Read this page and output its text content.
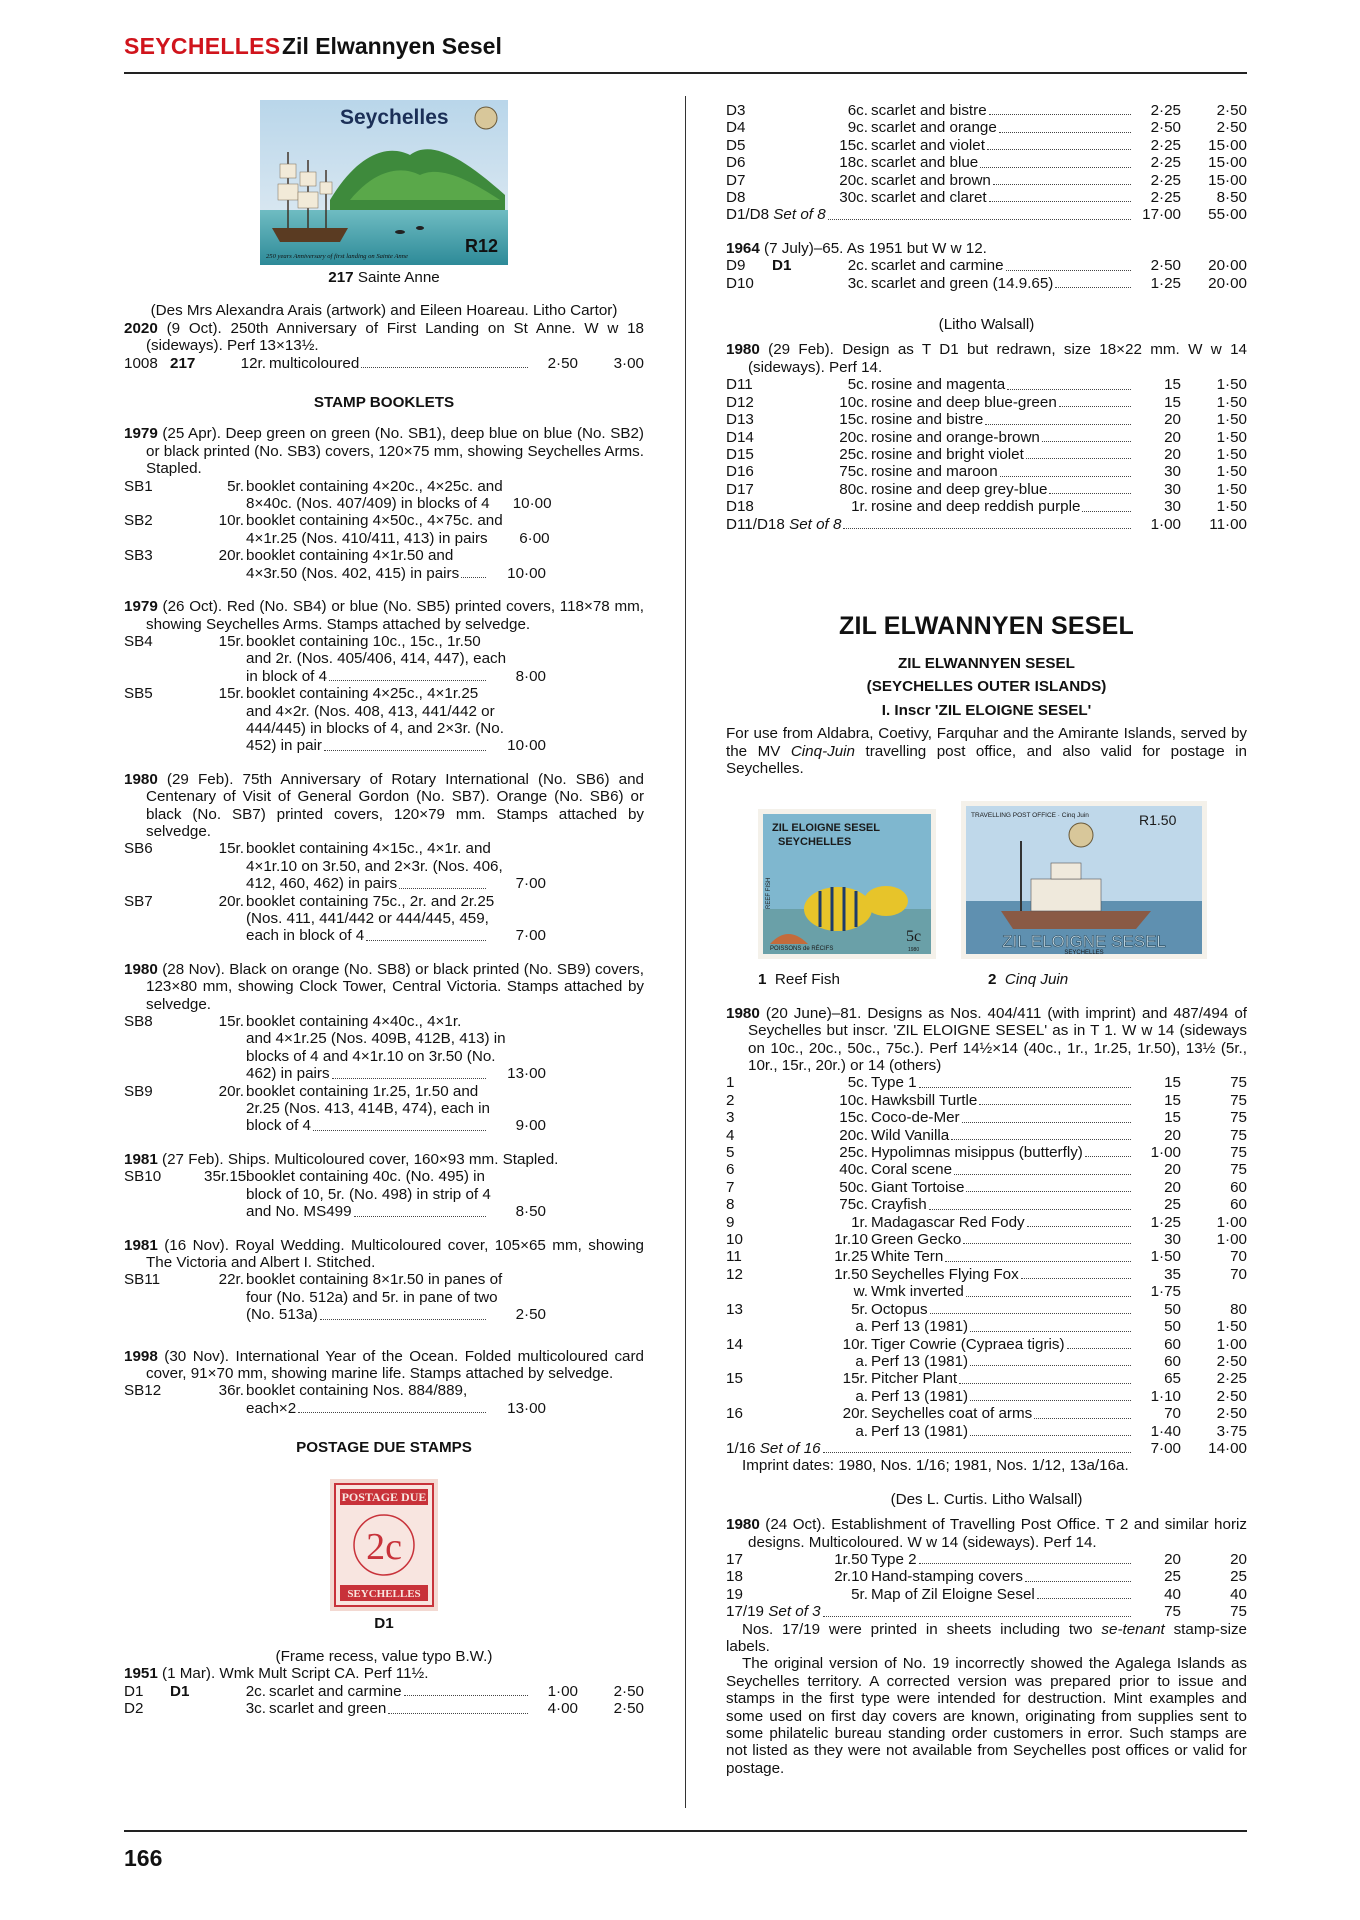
SEYCHELLES Zil Elwannyen Sesel
Seychelles
R12
250 years Anniversary of first landing on Sainte Anne

217 Sainte Anne

(Des Mrs Alexandra Arais (artwork) and Eileen Hoareau. Litho Cartor)

2020 (9 Oct). 250th Anniversary of First Landing on St Anne. W w 18 (sideways). Perf 13×13½.

1008 217	12r. multicoloured	2·50	3·00

STAMP BOOKLETS

1979 (25 Apr). Deep green on green (No. SB1), deep blue on blue (No. SB2) or black printed (No. SB3) covers, 120×75 mm, showing Seychelles Arms. Stapled.

SB1	5r. booklet containing 4×20c., 4×25c. and
8×40c. (Nos. 407/409) in blocks of 4	10·00
SB2	10r. booklet containing 4×50c., 4×75c. and
4×1r.25 (Nos. 410/411, 413) in pairs	6·00
SB3	20r. booklet containing 4×1r.50 and
4×3r.50 (Nos. 402, 415) in pairs	10·00

1979 (26 Oct). Red (No. SB4) or blue (No. SB5) printed covers, 118×78 mm, showing Seychelles Arms. Stamps attached by selvedge.

SB4	15r. booklet containing 10c., 15c., 1r.50
and 2r. (Nos. 405/406, 414, 447), each
in block of 4	8·00
SB5	15r. booklet containing 4×25c., 4×1r.25
and 4×2r. (Nos. 408, 413, 441/442 or
444/445) in blocks of 4, and 2×3r. (No.
452) in pair	10·00

1980 (29 Feb). 75th Anniversary of Rotary International (No. SB6) and Centenary of Visit of General Gordon (No. SB7). Orange (No. SB6) or black (No. SB7) printed covers, 120×79 mm. Stamps attached by selvedge.

SB6	15r. booklet containing 4×15c., 4×1r. and
4×1r.10 on 3r.50, and 2×3r. (Nos. 406,
412, 460, 462) in pairs	7·00
SB7	20r. booklet containing 75c., 2r. and 2r.25
(Nos. 411, 441/442 or 444/445, 459,
each in block of 4	7·00

1980 (28 Nov). Black on orange (No. SB8) or black printed (No. SB9) covers, 123×80 mm, showing Clock Tower, Central Victoria. Stamps attached by selvedge.

SB8	15r. booklet containing 4×40c., 4×1r.
and 4×1r.25 (Nos. 409B, 412B, 413) in
blocks of 4 and 4×1r.10 on 3r.50 (No.
462) in pairs	13·00
SB9	20r. booklet containing 1r.25, 1r.50 and
2r.25 (Nos. 413, 414B, 474), each in
block of 4	9·00

1981 (27 Feb). Ships. Multicoloured cover, 160×93 mm. Stapled.

SB10	35r.15 booklet containing 40c. (No. 495) in
block of 10, 5r. (No. 498) in strip of 4
and No. MS499	8·50

1981 (16 Nov). Royal Wedding. Multicoloured cover, 105×65 mm, showing The Victoria and Albert I. Stitched.

SB11	22r. booklet containing 8×1r.50 in panes of
four (No. 512a) and 5r. in pane of two
(No. 513a)	2·50

1998 (30 Nov). International Year of the Ocean. Folded multicoloured card cover, 91×70 mm, showing marine life. Stamps attached by selvedge.

SB12	36r. booklet containing Nos. 884/889,
each×2	13·00

POSTAGE DUE STAMPS

POSTAGE DUE
2c
SEYCHELLES

D1

(Frame recess, value typo B.W.)

1951 (1 Mar). Wmk Mult Script CA. Perf 11½.

D1	D1	2c. scarlet and carmine	1·00	2·50
D2	3c. scarlet and green	4·00	2·50
D3	6c. scarlet and bistre	2·25	2·50
D4	9c. scarlet and orange	2·50	2·50
D5	15c. scarlet and violet	2·25	15·00
D6	18c. scarlet and blue	2·25	15·00
D7	20c. scarlet and brown	2·25	15·00
D8	30c. scarlet and claret	2·25	8·50
D1/D8 Set of 8	17·00	55·00

1964 (7 July)–65. As 1951 but W w 12.

D9	D1	2c. scarlet and carmine	2·50	20·00
D10	3c. scarlet and green (14.9.65)	1·25	20·00

(Litho Walsall)

1980 (29 Feb). Design as T D1 but redrawn, size 18×22 mm. W w 14 (sideways). Perf 14.

D11	5c. rosine and magenta	15	1·50
D12	10c. rosine and deep blue-green	15	1·50
D13	15c. rosine and bistre	20	1·50
D14	20c. rosine and orange-brown	20	1·50
D15	25c. rosine and bright violet	20	1·50
D16	75c. rosine and maroon	30	1·50
D17	80c. rosine and deep grey-blue	30	1·50
D18	1r. rosine and deep reddish purple	30	1·50
D11/D18 Set of 8	1·00	11·00

ZIL ELWANNYEN SESEL

ZIL ELWANNYEN SESEL

(SEYCHELLES OUTER ISLANDS)

I. Inscr 'ZIL ELOIGNE SESEL'

For use from Aldabra, Coetivy, Farquhar and the Amirante Islands, served by the MV Cinq-Juin travelling post office, and also valid for postage in Seychelles.

ZIL ELOIGNE SESEL
SEYCHELLES
REEF FISH
POISSONS de RÉCIFS
5c
1980
TRAVELLING POST OFFICE · Cinq Juin	R1.50
ZIL ELOIGNE SESEL
SEYCHELLES

1 Reef Fish	2 Cinq Juin

1980 (20 June)–81. Designs as Nos. 404/411 (with imprint) and 487/494 of Seychelles but inscr. 'ZIL ELOIGNE SESEL' as in T 1. W w 14 (sideways on 10c., 20c., 50c., 75c.). Perf 14½×14 (40c., 1r., 1r.25, 1r.50), 13½ (5r., 10r., 15r., 20r.) or 14 (others)

1	5c. Type 1	15	75
2	10c. Hawksbill Turtle	15	75
3	15c. Coco-de-Mer	15	75
4	20c. Wild Vanilla	20	75
5	25c. Hypolimnas misippus (butterfly)	1·00	75
6	40c. Coral scene	20	75
7	50c. Giant Tortoise	20	60
8	75c. Crayfish	25	60
9	1r. Madagascar Red Fody	1·25	1·00
10	1r.10 Green Gecko	30	1·00
11	1r.25 White Tern	1·50	70
12	1r.50 Seychelles Flying Fox	35	70
w. Wmk inverted	1·75
13	5r. Octopus	50	80
a. Perf 13 (1981)	50	1·50
14	10r. Tiger Cowrie (Cypraea tigris)	60	1·00
a. Perf 13 (1981)	60	2·50
15	15r. Pitcher Plant	65	2·25
a. Perf 13 (1981)	1·10	2·50
16	20r. Seychelles coat of arms	70	2·50
a. Perf 13 (1981)	1·40	3·75
1/16 Set of 16	7·00	14·00

Imprint dates: 1980, Nos. 1/16; 1981, Nos. 1/12, 13a/16a.

(Des L. Curtis. Litho Walsall)

1980 (24 Oct). Establishment of Travelling Post Office. T 2 and similar horiz designs. Multicoloured. W w 14 (sideways). Perf 14.

17	1r.50 Type 2	20	20
18	2r.10 Hand-stamping covers	25	25
19	5r. Map of Zil Eloigne Sesel	40	40
17/19 Set of 3	75	75

Nos. 17/19 were printed in sheets including two se-tenant stamp-size labels.

The original version of No. 19 incorrectly showed the Agalega Islands as Seychelles territory. A corrected version was prepared prior to issue and stamps in the first type were intended for destruction. Mint examples and some used on first day covers are known, originating from supplies sent to some philatelic bureau standing order customers in error. Such stamps are not listed as they were not available from Seychelles post offices or valid for postage.

166
